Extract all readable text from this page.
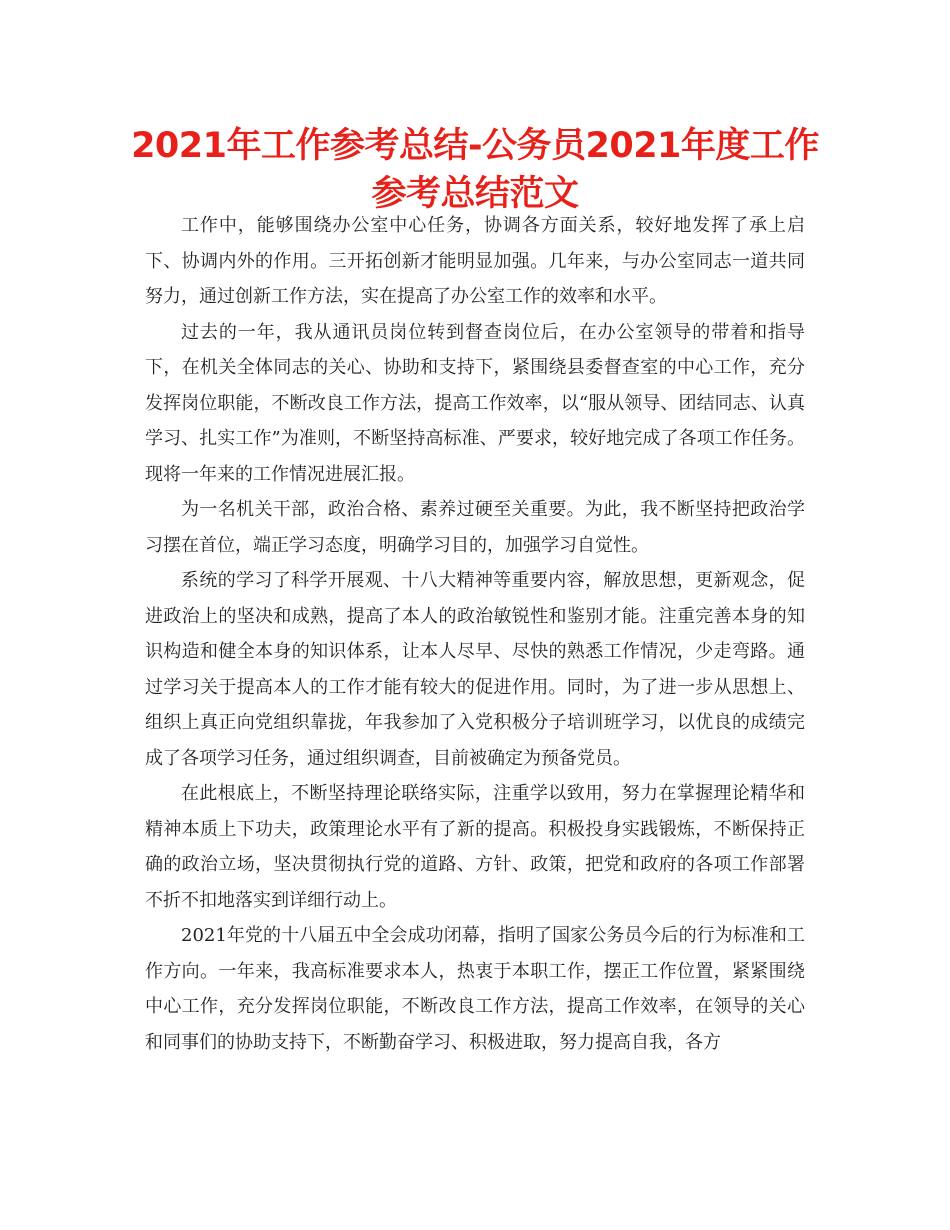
2021年工作参考总结-公务员2021年度工作参考总结范文

工作中，能够围绕办公室中心任务，协调各方面关系，较好地发挥了承上启下、协调内外的作用。三开拓创新才能明显加强。几年来，与办公室同志一道共同努力，通过创新工作方法，实在提高了办公室工作的效率和水平。

过去的一年，我从通讯员岗位转到督查岗位后，在办公室领导的带着和指导下，在机关全体同志的关心、协助和支持下，紧围绕县委督查室的中心工作，充分发挥岗位职能，不断改良工作方法，提高工作效率，以“服从领导、团结同志、认真学习、扎实工作”为准则，不断坚持高标准、严要求，较好地完成了各项工作任务。现将一年来的工作情况进展汇报。

为一名机关干部，政治合格、素养过硬至关重要。为此，我不断坚持把政治学习摆在首位，端正学习态度，明确学习目的，加强学习自觉性。

系统的学习了科学开展观、十八大精神等重要内容，解放思想，更新观念，促进政治上的坚决和成熟，提高了本人的政治敏锐性和鉴别才能。注重完善本身的知识构造和健全本身的知识体系，让本人尽早、尽快的熟悉工作情况，少走弯路。通过学习关于提高本人的工作才能有较大的促进作用。同时，为了进一步从思想上、组织上真正向党组织靠拢，年我参加了入党积极分子培训班学习，以优良的成绩完成了各项学习任务，通过组织调查，目前被确定为预备党员。

在此根底上，不断坚持理论联络实际，注重学以致用，努力在掌握理论精华和精神本质上下功夫，政策理论水平有了新的提高。积极投身实践锻炼，不断保持正确的政治立场，坚决贯彻执行党的道路、方针、政策，把党和政府的各项工作部署不折不扣地落实到详细行动上。

2021年党的十八届五中全会成功闭幕，指明了国家公务员今后的行为标准和工作方向。一年来，我高标准要求本人，热衷于本职工作，摆正工作位置，紧紧围绕中心工作，充分发挥岗位职能，不断改良工作方法，提高工作效率，在领导的关心和同事们的协助支持下，不断勤奋学习、积极进取，努力提高自我，各方
